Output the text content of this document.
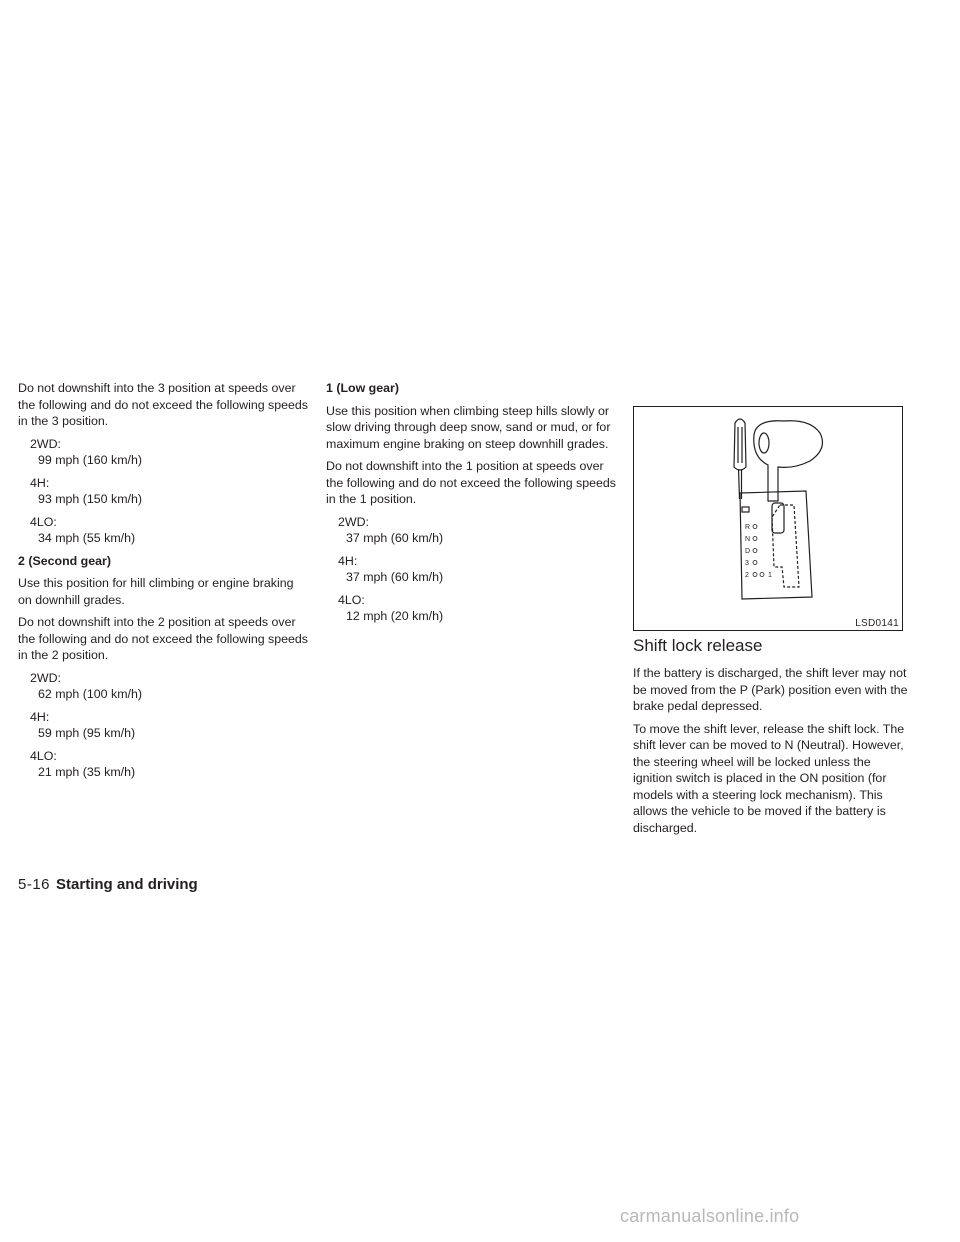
Do not downshift into the 3 position at speeds over the following and do not exceed the following speeds in the 3 position.

2WD:

99 mph (160 km/h)

4H:

93 mph (150 km/h)

4LO:

34 mph (55 km/h)

2 (Second gear)

Use this position for hill climbing or engine braking on downhill grades.

Do not downshift into the 2 position at speeds over the following and do not exceed the following speeds in the 2 position.

2WD:

62 mph (100 km/h)

4H:

59 mph (95 km/h)

4LO:

21 mph (35 km/h)

1 (Low gear)

Use this position when climbing steep hills slowly or slow driving through deep snow, sand or mud, or for maximum engine braking on steep downhill grades.

Do not downshift into the 1 position at speeds over the following and do not exceed the following speeds in the 1 position.

2WD:

37 mph (60 km/h)

4H:

37 mph (60 km/h)

4LO:

12 mph (20 km/h)

R
N
D
3
2	1
LSD0141
Shift lock release

If the battery is discharged, the shift lever may not be moved from the P (Park) position even with the brake pedal depressed.

To move the shift lever, release the shift lock. The shift lever can be moved to N (Neutral). However, the steering wheel will be locked unless the ignition switch is placed in the ON position (for models with a steering lock mechanism). This allows the vehicle to be moved if the battery is discharged.

5-16 Starting and driving
carmanualsonline.info
